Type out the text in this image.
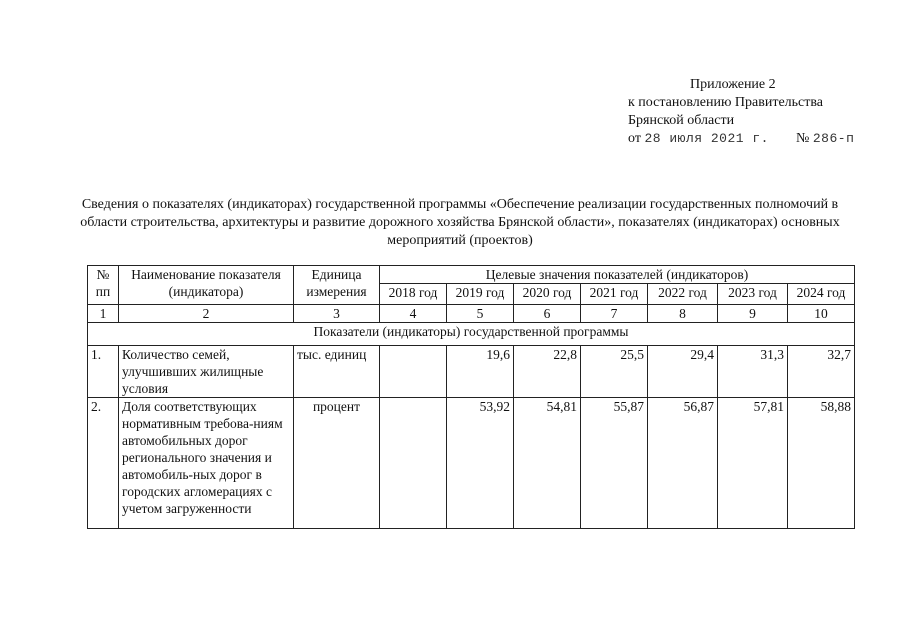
Приложение 2
к постановлению Правительства
Брянской области
от 28 июля 2021 г.	№ 286-п
Сведения о показателях (индикаторах) государственной программы «Обеспечение реализации государственных полномочий в области строительства, архитектуры и развитие дорожного хозяйства Брянской области», показателях (индикаторах) основных мероприятий (проектов)
№ пп	Наименование показателя (индикатора)	Единица измерения	Целевые значения показателей (индикаторов)						
			2018 год	2019 год	2020 год	2021 год	2022 год	2023 год	2024 год
1	2	3	4	5	6	7	8	9	10
Показатели (индикаторы) государственной программы									
1.	Количество семей, улучшивших жилищные условия	тыс. единиц		19,6	22,8	25,5	29,4	31,3	32,7
2.	Доля соответствующих нормативным требова-ниям автомобильных дорог регионального значения и автомобиль-ных дорог в городских агломерациях с учетом загруженности	процент		53,92	54,81	55,87	56,87	57,81	58,88
